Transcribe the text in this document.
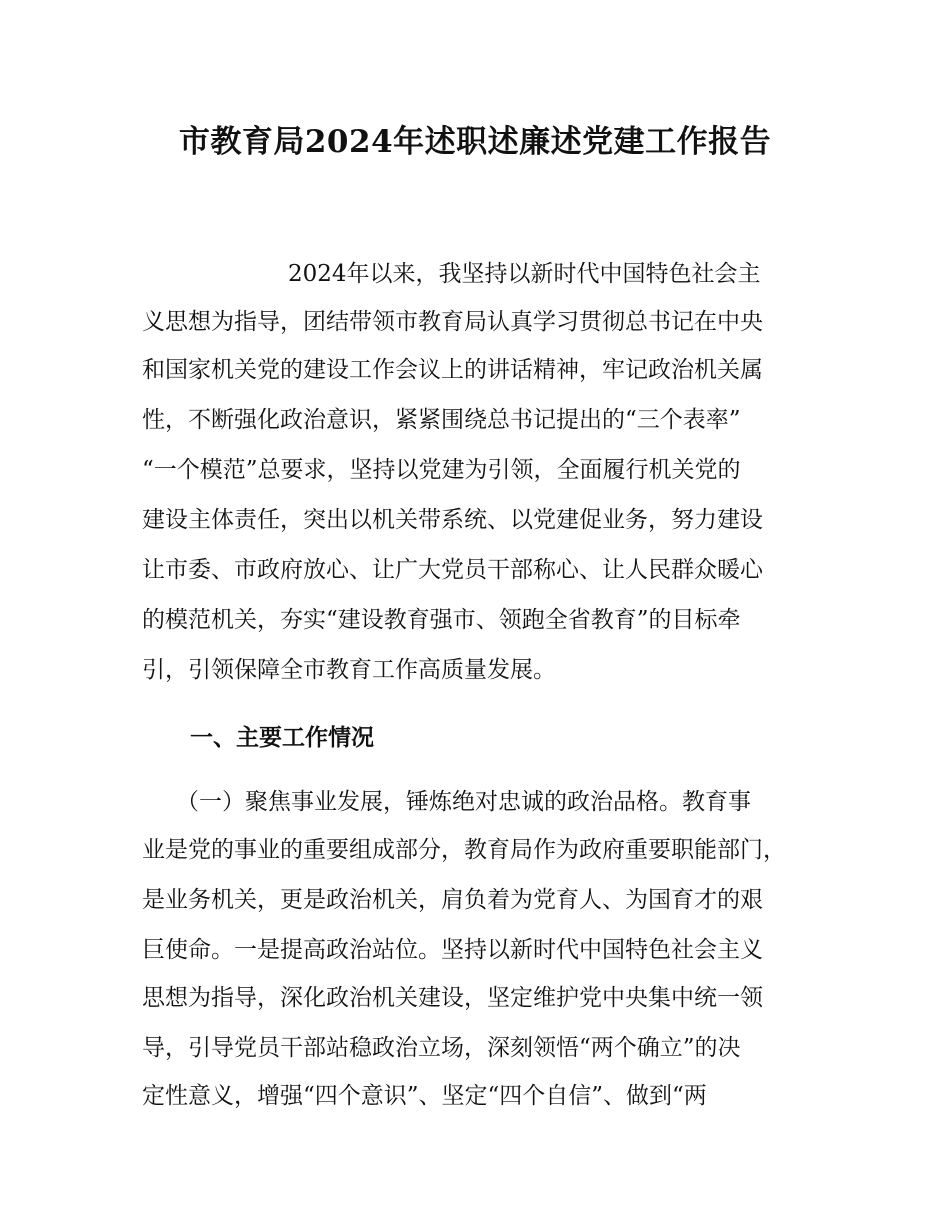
市教育局2024年述职述廉述党建工作报告
2024年以来，我坚持以新时代中国特色社会主
义思想为指导，团结带领市教育局认真学习贯彻总书记在中央
和国家机关党的建设工作会议上的讲话精神，牢记政治机关属
性，不断强化政治意识，紧紧围绕总书记提出的“三个表率”
“一个模范”总要求，坚持以党建为引领，全面履行机关党的
建设主体责任，突出以机关带系统、以党建促业务，努力建设
让市委、市政府放心、让广大党员干部称心、让人民群众暖心
的模范机关，夯实“建设教育强市、领跑全省教育”的目标牵
引，引领保障全市教育工作高质量发展。
一、主要工作情况
（一）聚焦事业发展，锤炼绝对忠诚的政治品格。教育事
业是党的事业的重要组成部分，教育局作为政府重要职能部门，
是业务机关，更是政治机关，肩负着为党育人、为国育才的艰
巨使命。一是提高政治站位。坚持以新时代中国特色社会主义
思想为指导，深化政治机关建设，坚定维护党中央集中统一领
导，引导党员干部站稳政治立场，深刻领悟“两个确立”的决
定性意义，增强“四个意识”、坚定“四个自信”、做到“两
